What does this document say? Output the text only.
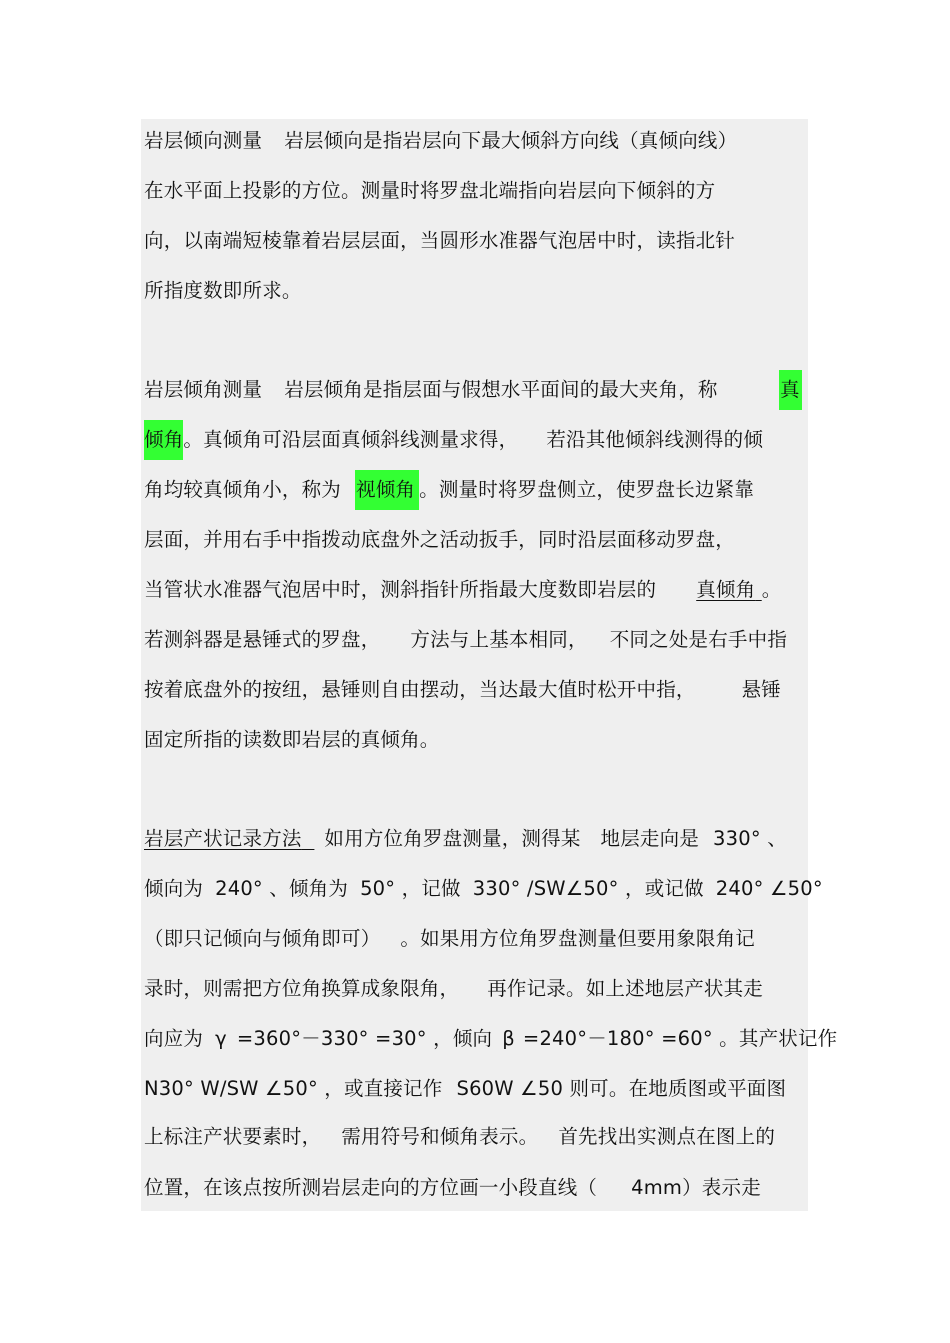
岩层倾向测量 岩层倾向是指岩层向下最大倾斜方向线（真倾向线）
在水平面上投影的方位。测量时将罗盘北端指向岩层向下倾斜的方
向，以南端短棱靠着岩层层面，当圆形水准器气泡居中时，读指北针
所指度数即所求。
岩层倾角测量 岩层倾角是指层面与假想水平面间的最大夹角，称	真
倾角。真倾角可沿层面真倾斜线测量求得， 若沿其他倾斜线测得的倾
角均较真倾角小，称为 视倾角 。测量时将罗盘侧立，使罗盘长边紧靠
层面，并用右手中指拨动底盘外之活动扳手，同时沿层面移动罗盘，
当管状水准器气泡居中时，测斜指针所指最大度数即岩层的 真倾角 。
若测斜器是悬锤式的罗盘， 方法与上基本相同， 不同之处是右手中指
按着底盘外的按纽，悬锤则自由摆动，当达最大值时松开中指， 悬锤
固定所指的读数即岩层的真倾角。
岩层产状记录方法 如用方位角罗盘测量，测得某 地层走向是 330° 、
倾向为 240° 、倾角为 50° ，记做 330° /SW∠50° ，或记做 240° ∠50°
（即只记倾向与倾角即可） 。如果用方位角罗盘测量但要用象限角记
录时，则需把方位角换算成象限角， 再作记录。如上述地层产状其走
向应为 γ =360°－330° =30° ，倾向 β =240°－180° =60° 。其产状记作
N30° W/SW ∠50° ，或直接记作 S60W ∠50 则可。在地质图或平面图
上标注产状要素时， 需用符号和倾角表示。 首先找出实测点在图上的
位置，在该点按所测岩层走向的方位画一小段直线（ 4mm）表示走
